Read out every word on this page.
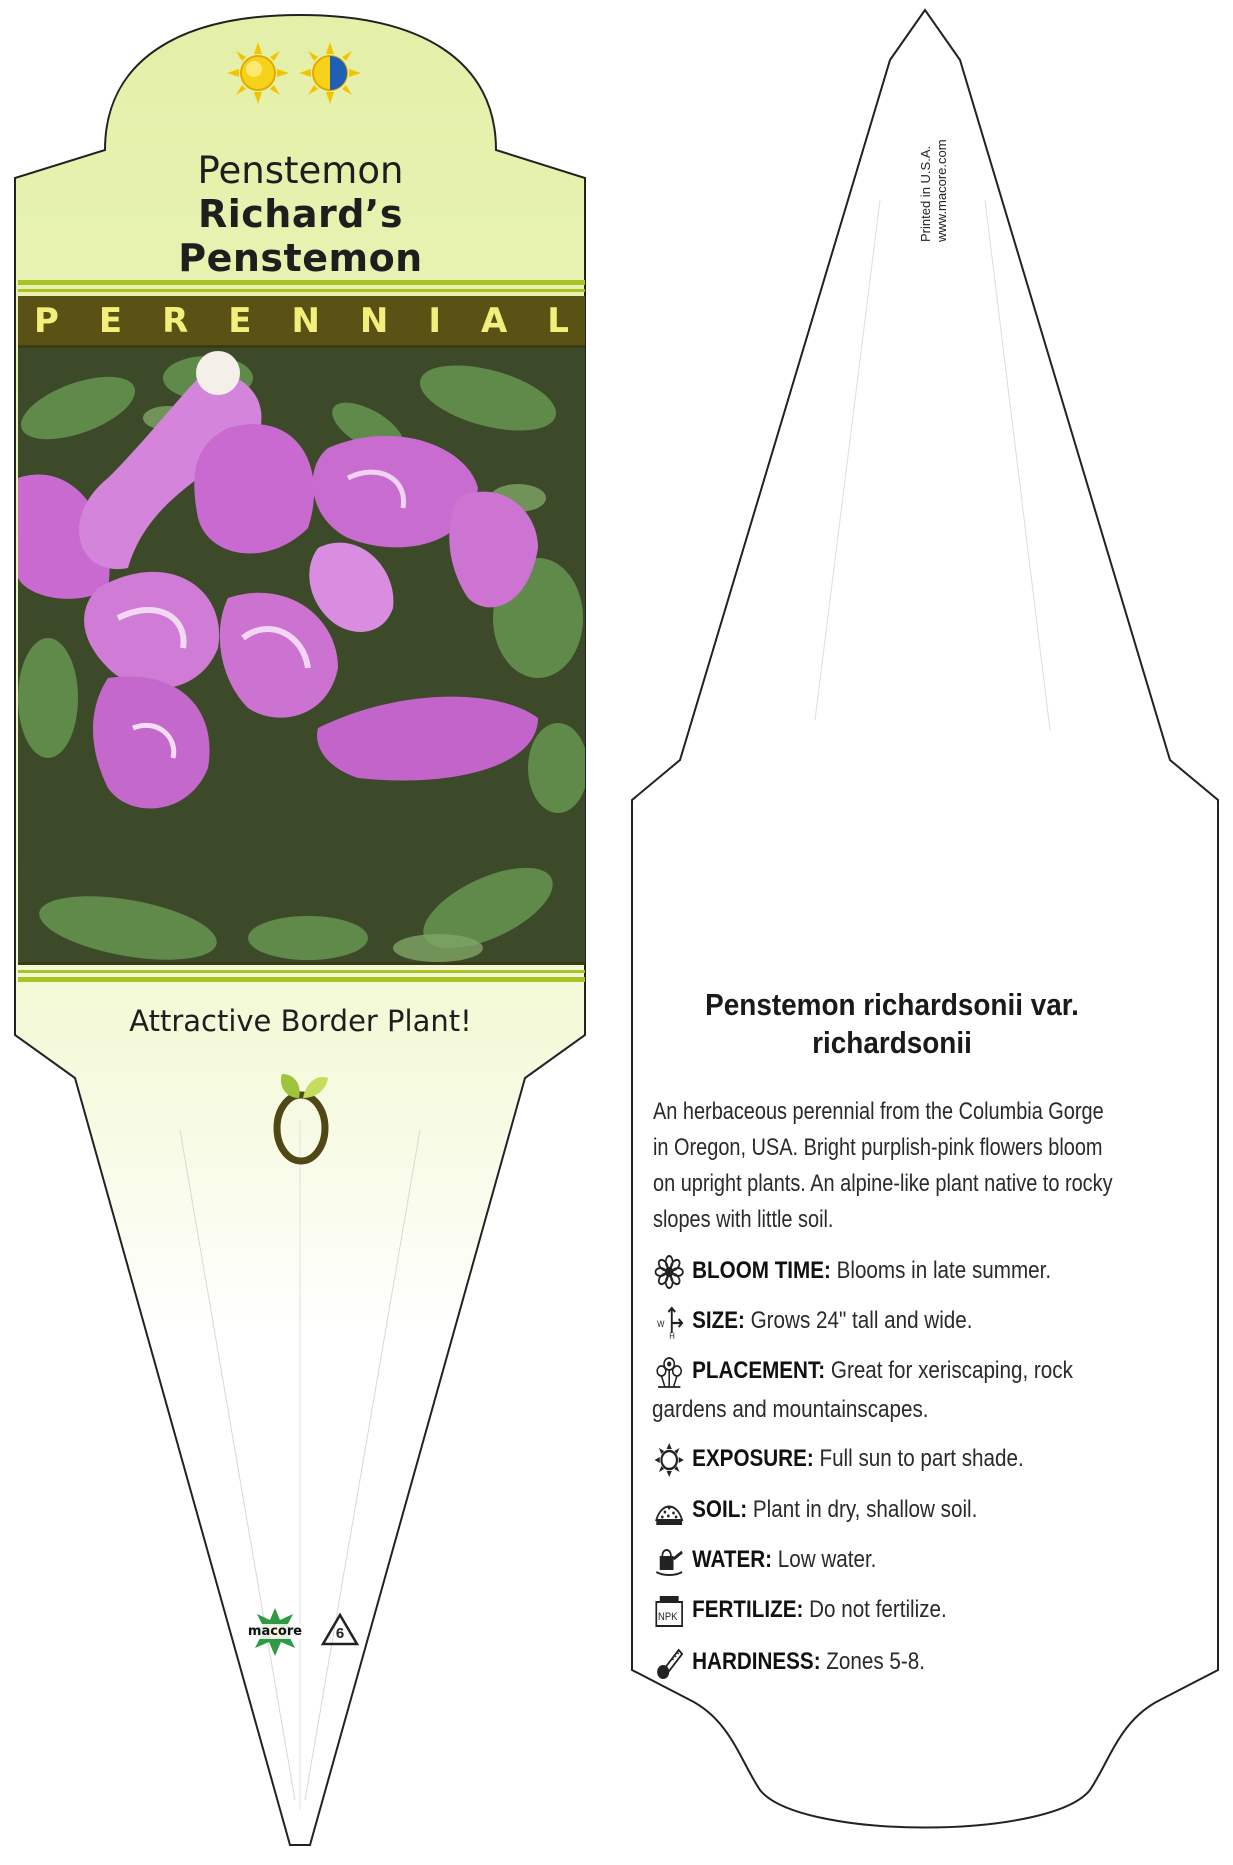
Penstemon
Richard’s
Penstemon
P E R E N N I A L
Attractive Border Plant!
macore	6
Printed in U.S.A. www.macore.com
Penstemon richardsonii var.
richardsonii
An herbaceous perennial from the Columbia Gorge in Oregon, USA. Bright purplish-pink flowers bloom on upright plants. An alpine-like plant native to rocky slopes with little soil.
BLOOM TIME: Blooms in late summer.
W
H
SIZE: Grows 24" tall and wide.
PLACEMENT: Great for xeriscaping, rock gardens and mountainscapes.
EXPOSURE: Full sun to part shade.
SOIL: Plant in dry, shallow soil.
WATER: Low water.
NPK FERTILIZE: Do not fertilize.
HARDINESS: Zones 5-8.
